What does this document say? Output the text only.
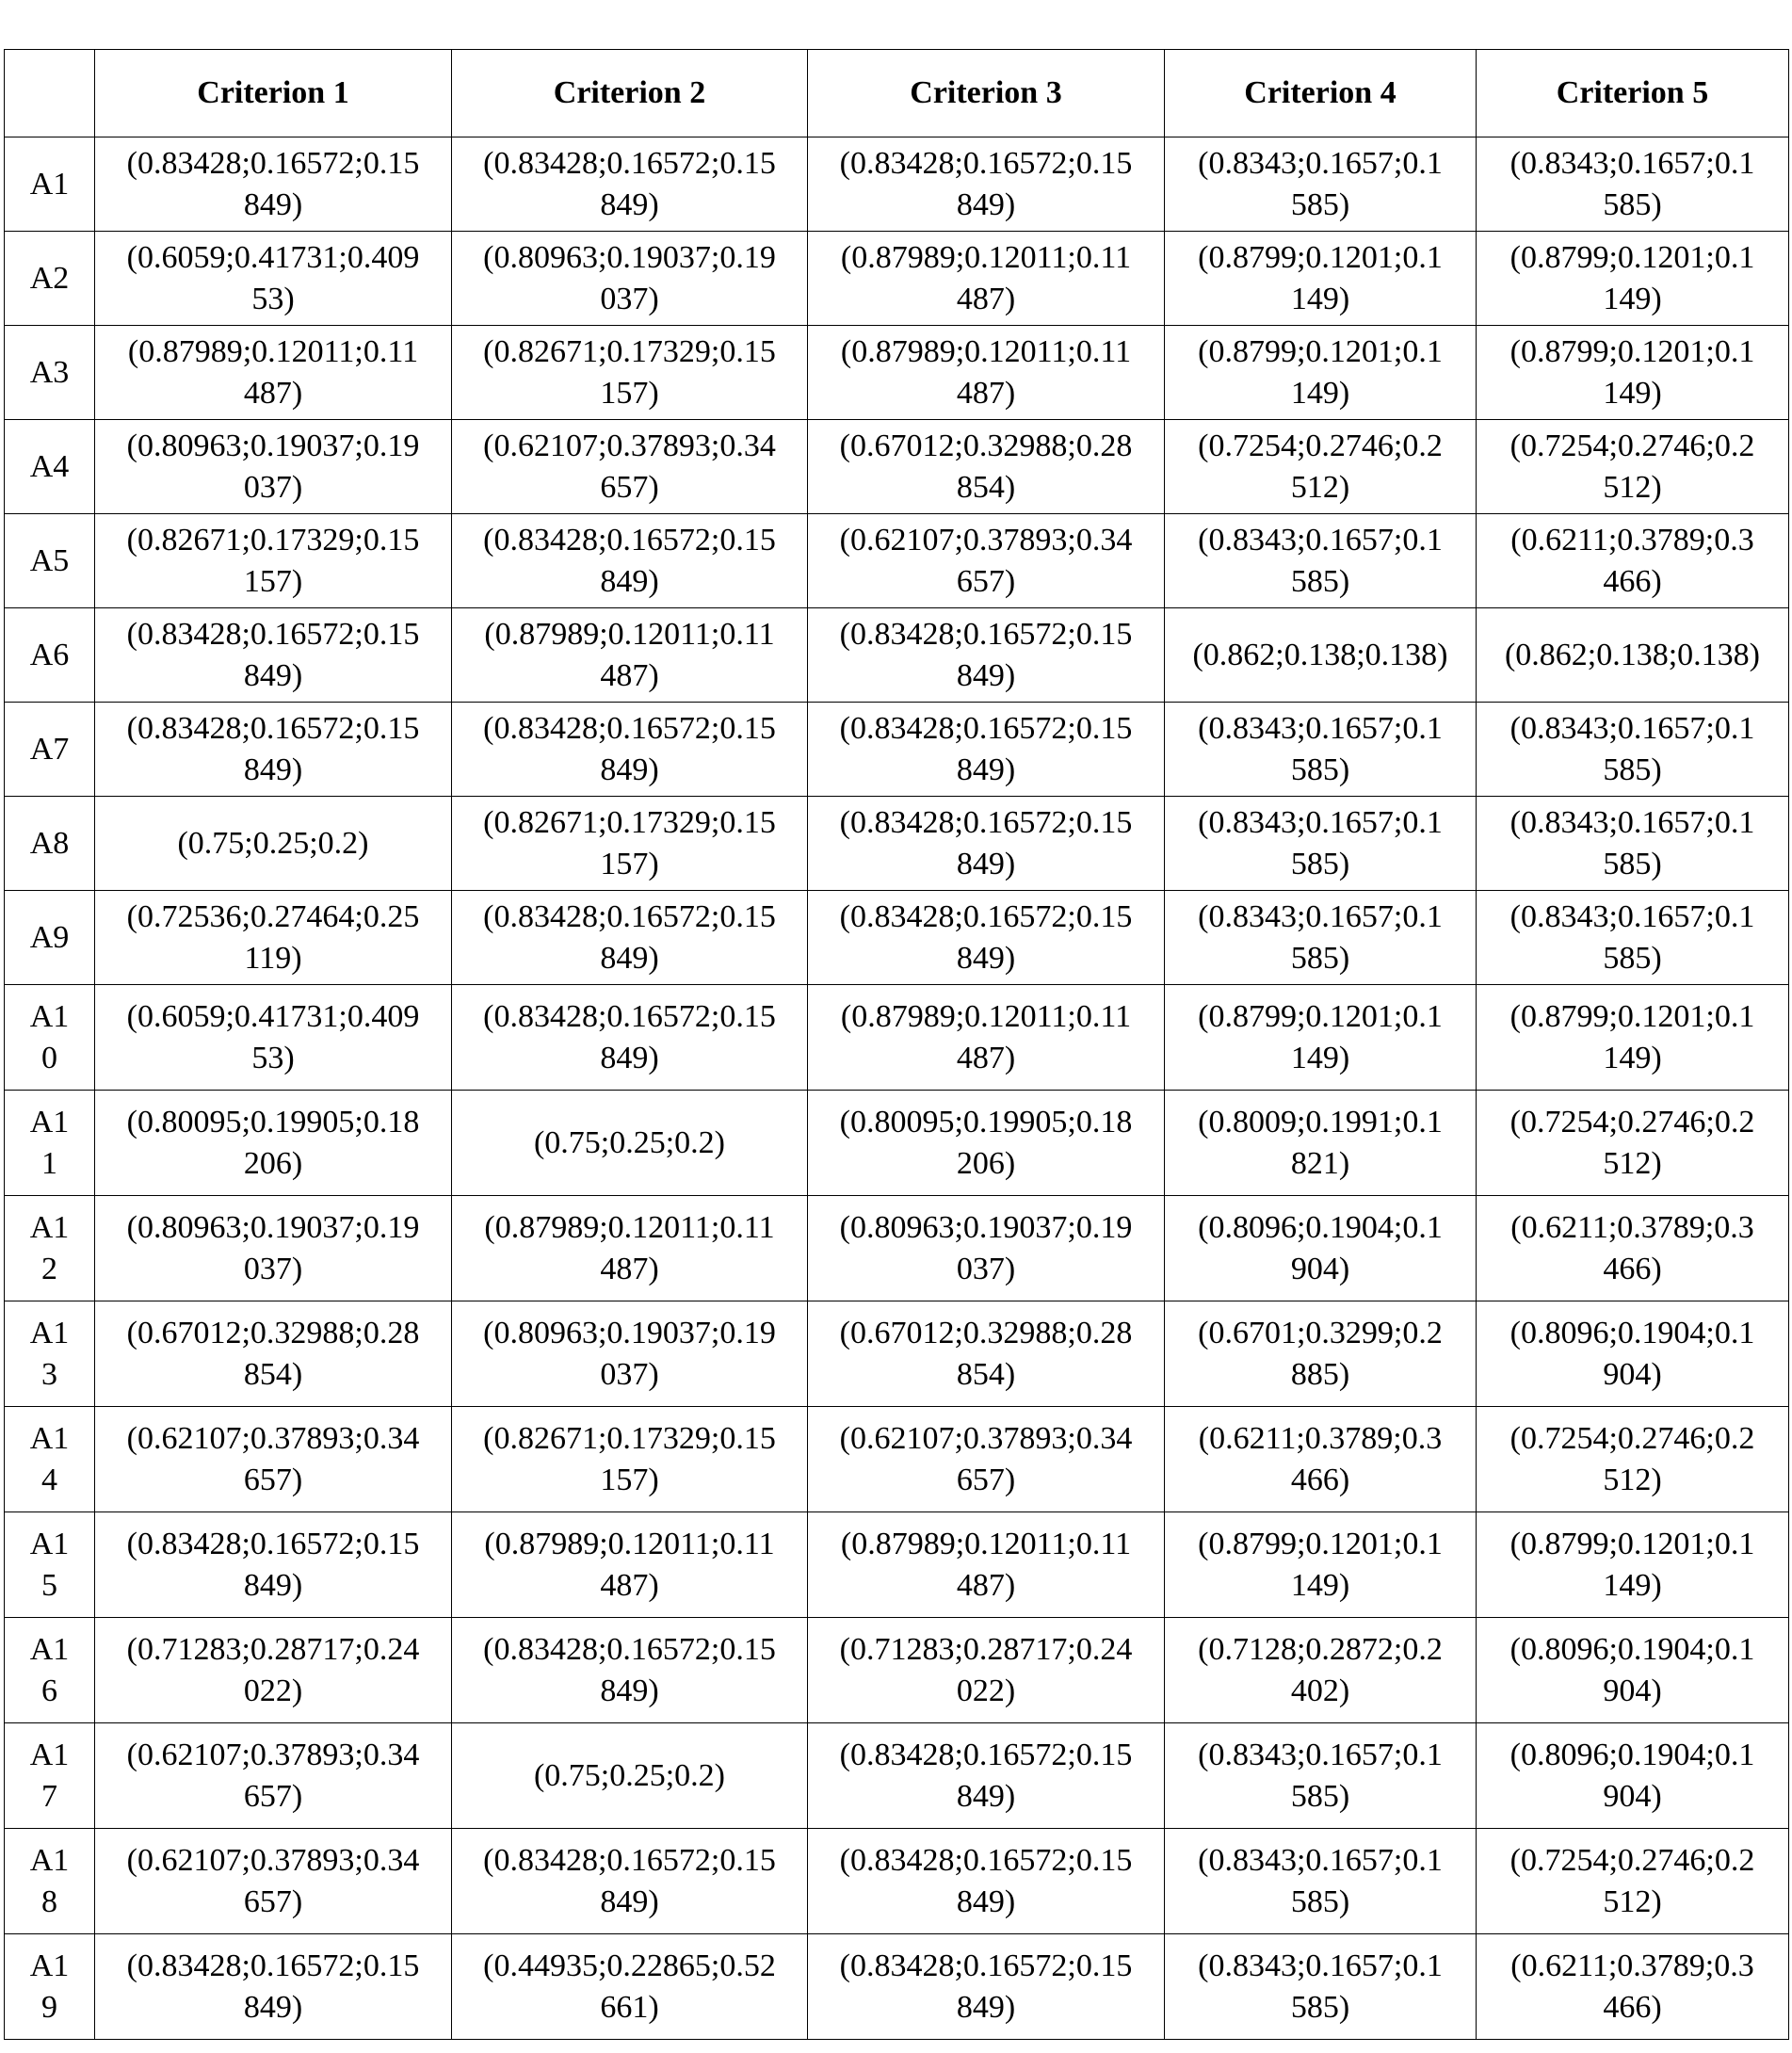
	Criterion 1	Criterion 2	Criterion 3	Criterion 4	Criterion 5
A1	(0.83428;0.16572;0.15849)	(0.83428;0.16572;0.15849)	(0.83428;0.16572;0.15849)	(0.8343;0.1657;0.1585)	(0.8343;0.1657;0.1585)
A2	(0.6059;0.41731;0.40953)	(0.80963;0.19037;0.19037)	(0.87989;0.12011;0.11487)	(0.8799;0.1201;0.1149)	(0.8799;0.1201;0.1149)
A3	(0.87989;0.12011;0.11487)	(0.82671;0.17329;0.15157)	(0.87989;0.12011;0.11487)	(0.8799;0.1201;0.1149)	(0.8799;0.1201;0.1149)
A4	(0.80963;0.19037;0.19037)	(0.62107;0.37893;0.34657)	(0.67012;0.32988;0.28854)	(0.7254;0.2746;0.2512)	(0.7254;0.2746;0.2512)
A5	(0.82671;0.17329;0.15157)	(0.83428;0.16572;0.15849)	(0.62107;0.37893;0.34657)	(0.8343;0.1657;0.1585)	(0.6211;0.3789;0.3466)
A6	(0.83428;0.16572;0.15849)	(0.87989;0.12011;0.11487)	(0.83428;0.16572;0.15849)	(0.862;0.138;0.138)	(0.862;0.138;0.138)
A7	(0.83428;0.16572;0.15849)	(0.83428;0.16572;0.15849)	(0.83428;0.16572;0.15849)	(0.8343;0.1657;0.1585)	(0.8343;0.1657;0.1585)
A8	(0.75;0.25;0.2)	(0.82671;0.17329;0.15157)	(0.83428;0.16572;0.15849)	(0.8343;0.1657;0.1585)	(0.8343;0.1657;0.1585)
A9	(0.72536;0.27464;0.25119)	(0.83428;0.16572;0.15849)	(0.83428;0.16572;0.15849)	(0.8343;0.1657;0.1585)	(0.8343;0.1657;0.1585)
A10	(0.6059;0.41731;0.40953)	(0.83428;0.16572;0.15849)	(0.87989;0.12011;0.11487)	(0.8799;0.1201;0.1149)	(0.8799;0.1201;0.1149)
A11	(0.80095;0.19905;0.18206)	(0.75;0.25;0.2)	(0.80095;0.19905;0.18206)	(0.8009;0.1991;0.1821)	(0.7254;0.2746;0.2512)
A12	(0.80963;0.19037;0.19037)	(0.87989;0.12011;0.11487)	(0.80963;0.19037;0.19037)	(0.8096;0.1904;0.1904)	(0.6211;0.3789;0.3466)
A13	(0.67012;0.32988;0.28854)	(0.80963;0.19037;0.19037)	(0.67012;0.32988;0.28854)	(0.6701;0.3299;0.2885)	(0.8096;0.1904;0.1904)
A14	(0.62107;0.37893;0.34657)	(0.82671;0.17329;0.15157)	(0.62107;0.37893;0.34657)	(0.6211;0.3789;0.3466)	(0.7254;0.2746;0.2512)
A15	(0.83428;0.16572;0.15849)	(0.87989;0.12011;0.11487)	(0.87989;0.12011;0.11487)	(0.8799;0.1201;0.1149)	(0.8799;0.1201;0.1149)
A16	(0.71283;0.28717;0.24022)	(0.83428;0.16572;0.15849)	(0.71283;0.28717;0.24022)	(0.7128;0.2872;0.2402)	(0.8096;0.1904;0.1904)
A17	(0.62107;0.37893;0.34657)	(0.75;0.25;0.2)	(0.83428;0.16572;0.15849)	(0.8343;0.1657;0.1585)	(0.8096;0.1904;0.1904)
A18	(0.62107;0.37893;0.34657)	(0.83428;0.16572;0.15849)	(0.83428;0.16572;0.15849)	(0.8343;0.1657;0.1585)	(0.7254;0.2746;0.2512)
A19	(0.83428;0.16572;0.15849)	(0.44935;0.22865;0.52661)	(0.83428;0.16572;0.15849)	(0.8343;0.1657;0.1585)	(0.6211;0.3789;0.3466)
